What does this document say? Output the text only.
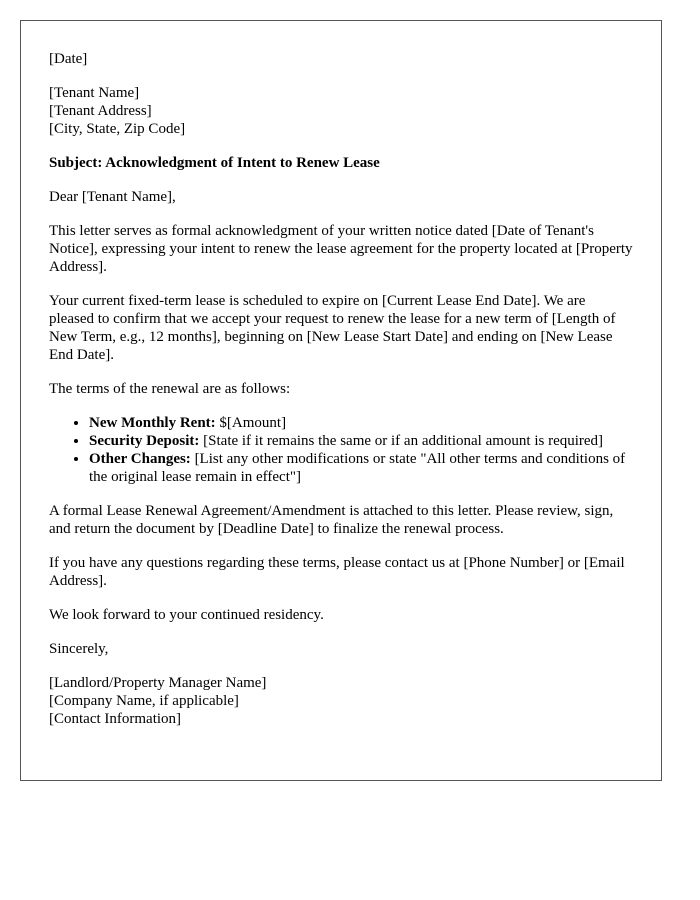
[Date]
[Tenant Name]
[Tenant Address]
[City, State, Zip Code]
Subject: Acknowledgment of Intent to Renew Lease

Dear [Tenant Name],

This letter serves as formal acknowledgment of your written notice dated [Date of Tenant's Notice], expressing your intent to renew the lease agreement for the property located at [Property Address].

Your current fixed-term lease is scheduled to expire on [Current Lease End Date]. We are pleased to confirm that we accept your request to renew the lease for a new term of [Length of New Term, e.g., 12 months], beginning on [New Lease Start Date] and ending on [New Lease End Date].

The terms of the renewal are as follows:

• New Monthly Rent: $[Amount]
• Security Deposit: [State if it remains the same or if an additional amount is required]
• Other Changes: [List any other modifications or state "All other terms and conditions of the original lease remain in effect"]

A formal Lease Renewal Agreement/Amendment is attached to this letter. Please review, sign, and return the document by [Deadline Date] to finalize the renewal process.

If you have any questions regarding these terms, please contact us at [Phone Number] or [Email Address].

We look forward to your continued residency.

Sincerely,

[Landlord/Property Manager Name]
[Company Name, if applicable]
[Contact Information]
